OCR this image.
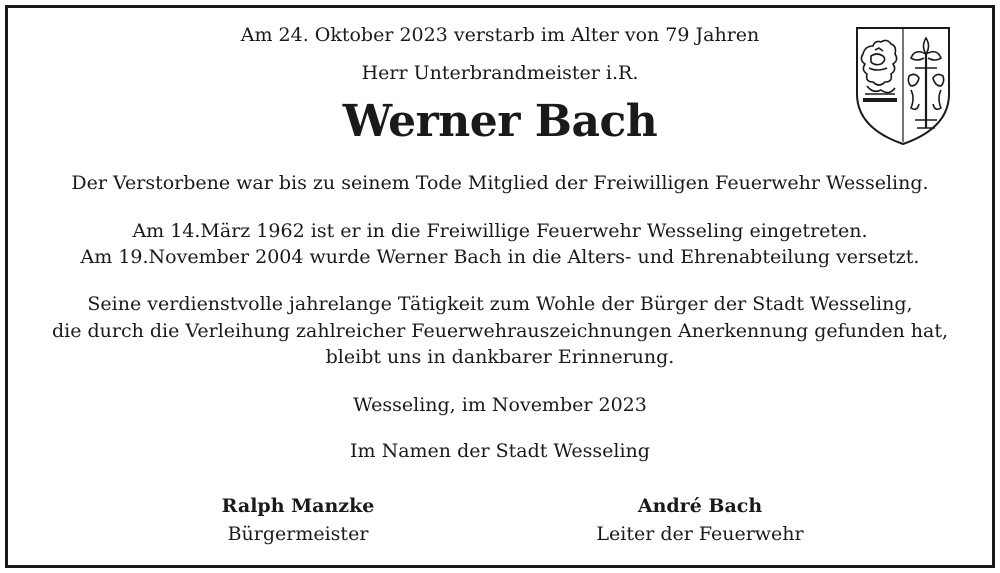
Am 24. Oktober 2023 verstarb im Alter von 79 Jahren
Herr Unterbrandmeister i.R.
Werner Bach
Der Verstorbene war bis zu seinem Tode Mitglied der Freiwilligen Feuerwehr Wesseling.
Am 14.März 1962 ist er in die Freiwillige Feuerwehr Wesseling eingetreten.
Am 19.November 2004 wurde Werner Bach in die Alters- und Ehrenabteilung versetzt.
Seine verdienstvolle jahrelange Tätigkeit zum Wohle der Bürger der Stadt Wesseling,
die durch die Verleihung zahlreicher Feuerwehrauszeichnungen Anerkennung gefunden hat,
bleibt uns in dankbarer Erinnerung.
Wesseling, im November 2023
Im Namen der Stadt Wesseling
Ralph Manzke
Bürgermeister
André Bach
Leiter der Feuerwehr
